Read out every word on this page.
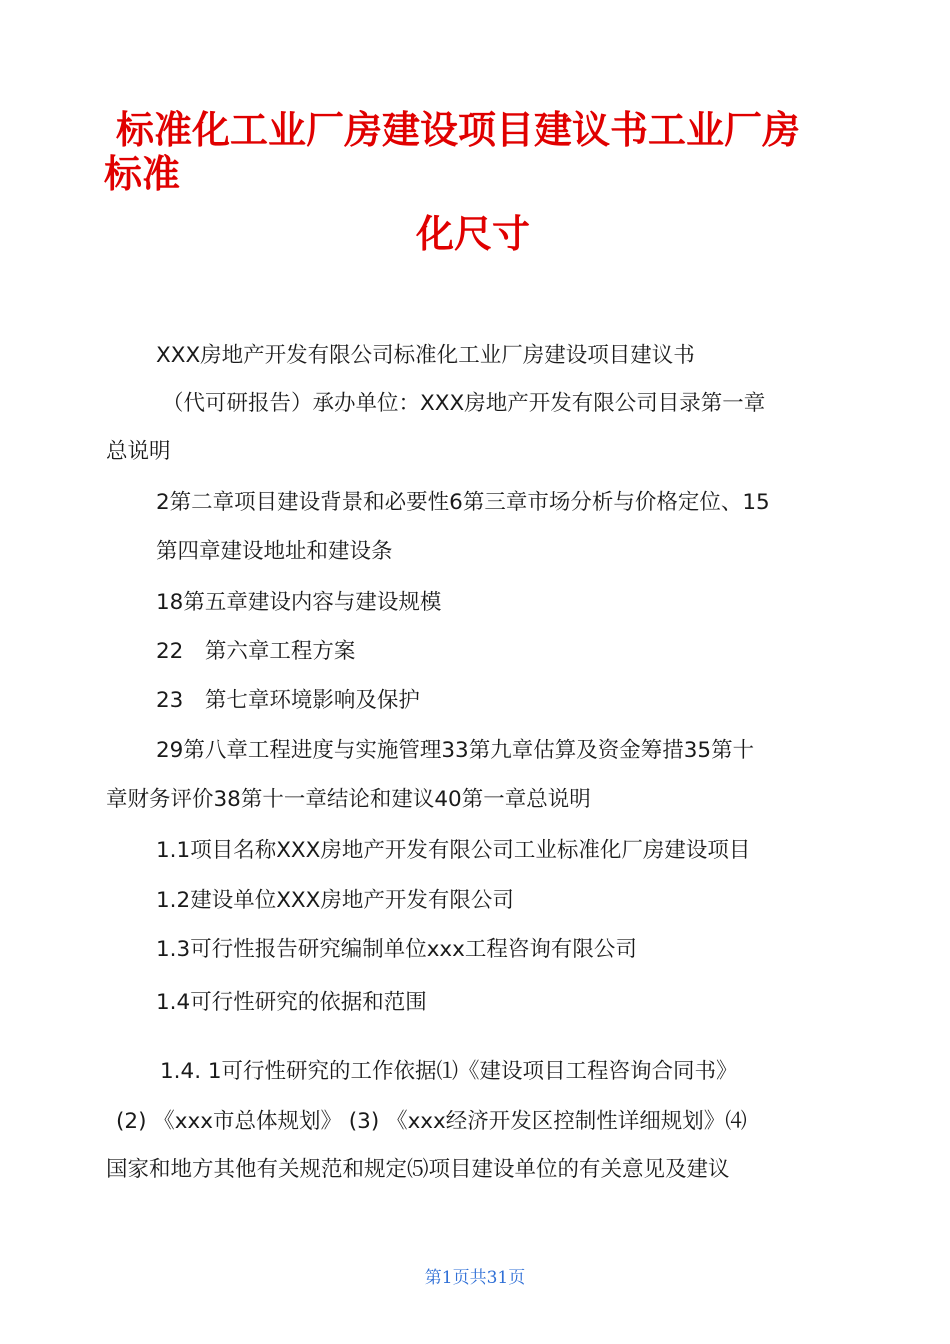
标准化工业厂房建设项目建议书工业厂房
标准
化尺寸

XXX房地产开发有限公司标准化工业厂房建设项目建议书

（代可研报告）承办单位：XXX房地产开发有限公司目录第一章

总说明

2第二章项目建设背景和必要性6第三章市场分析与价格定位、15

第四章建设地址和建设条

18第五章建设内容与建设规模

22　第六章工程方案

23　第七章环境影响及保护

29第八章工程进度与实施管理33第九章估算及资金筹措35第十

章财务评价38第十一章结论和建议40第一章总说明

1.1项目名称XXX房地产开发有限公司工业标准化厂房建设项目

1.2建设单位XXX房地产开发有限公司

1.3可行性报告研究编制单位xxx工程咨询有限公司

1.4可行性研究的依据和范围

1.4. 1可行性研究的工作依据⑴《建设项目工程咨询合同书》

(2) 《xxx市总体规划》 (3) 《xxx经济开发区控制性详细规划》⑷

国家和地方其他有关规范和规定⑸项目建设单位的有关意见及建议

第1页共31页
